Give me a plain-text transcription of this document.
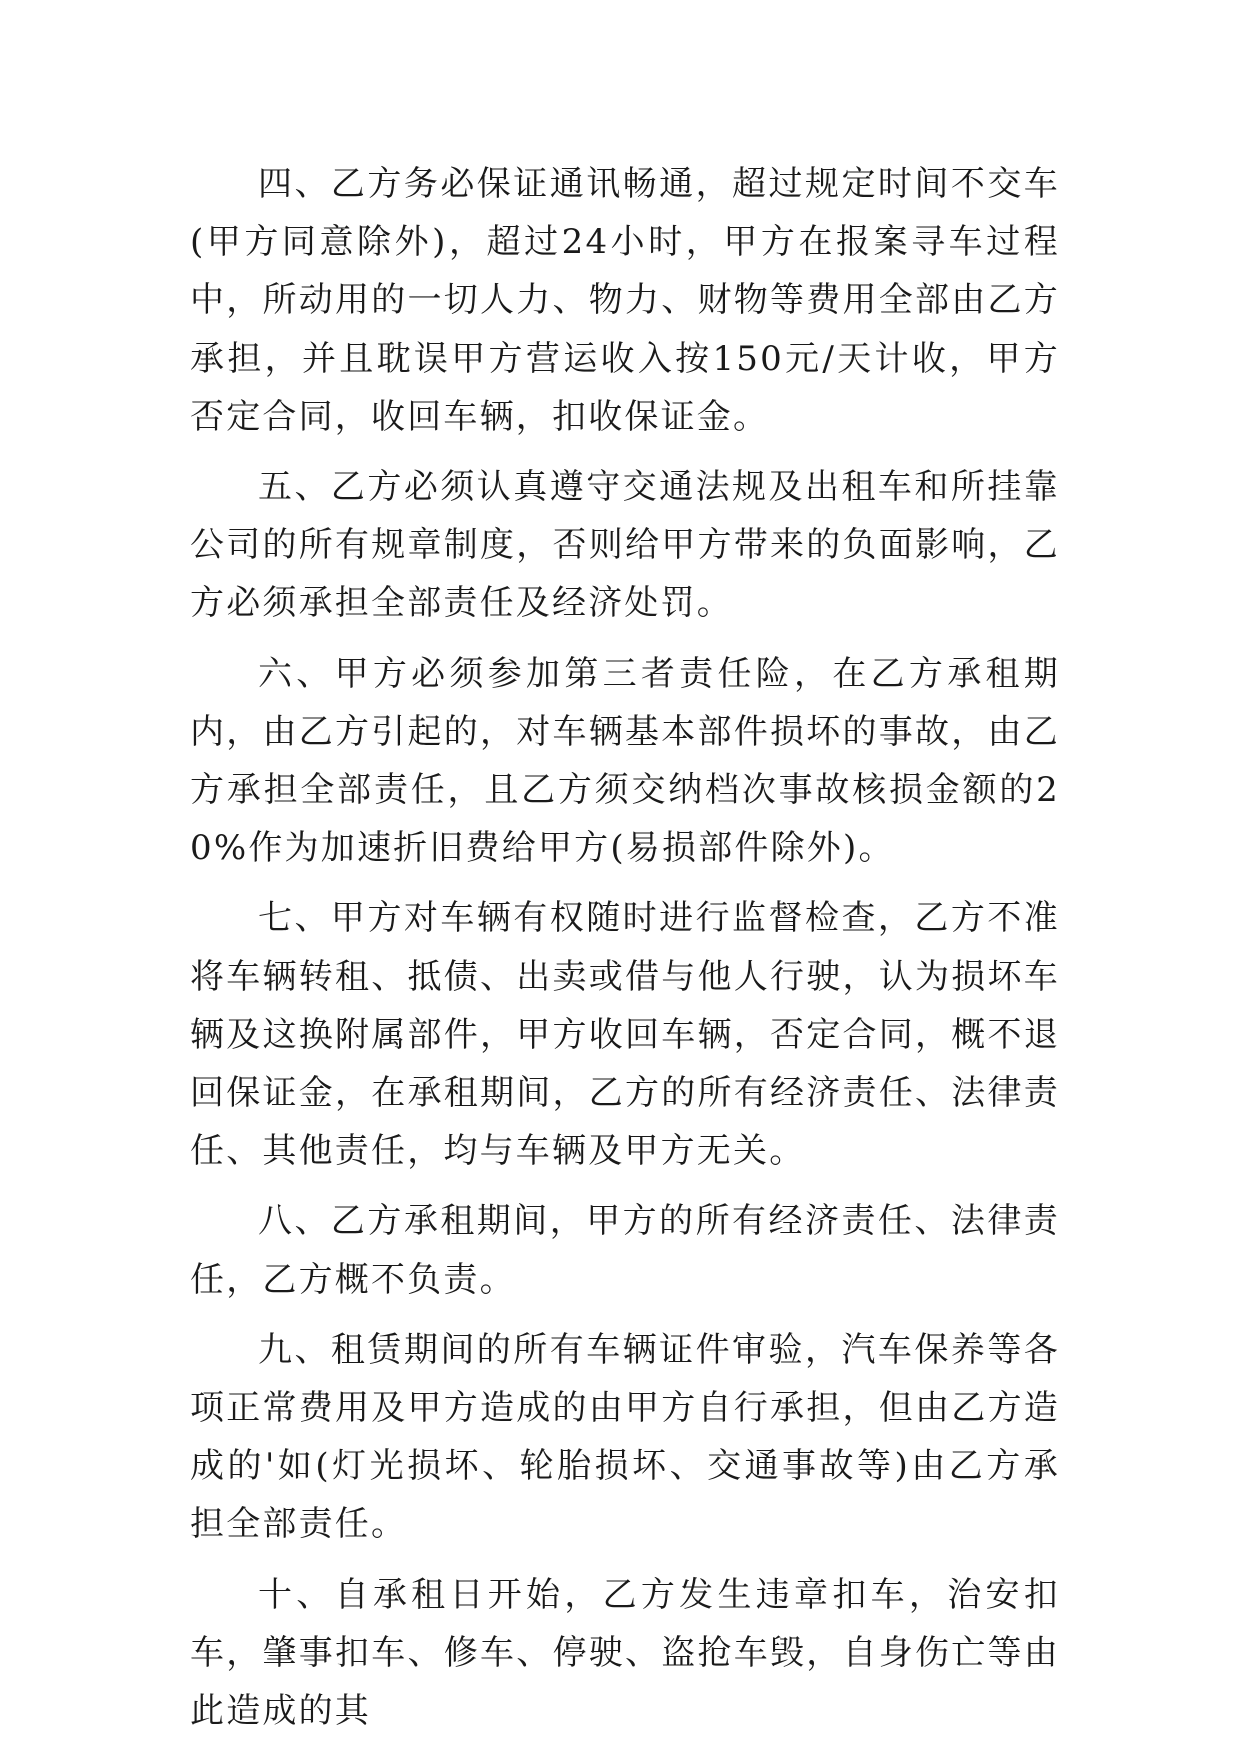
四、乙方务必保证通讯畅通，超过规定时间不交车(甲方同意除外)，超过24小时，甲方在报案寻车过程中，所动用的一切人力、物力、财物等费用全部由乙方承担，并且耽误甲方营运收入按150元/天计收，甲方否定合同，收回车辆，扣收保证金。

五、乙方必须认真遵守交通法规及出租车和所挂靠公司的所有规章制度，否则给甲方带来的负面影响，乙方必须承担全部责任及经济处罚。

六、甲方必须参加第三者责任险，在乙方承租期内，由乙方引起的，对车辆基本部件损坏的事故，由乙方承担全部责任，且乙方须交纳档次事故核损金额的20%作为加速折旧费给甲方(易损部件除外)。

七、甲方对车辆有权随时进行监督检查，乙方不准将车辆转租、抵债、出卖或借与他人行驶，认为损坏车辆及这换附属部件，甲方收回车辆，否定合同，概不退回保证金，在承租期间，乙方的所有经济责任、法律责任、其他责任，均与车辆及甲方无关。

八、乙方承租期间，甲方的所有经济责任、法律责任，乙方概不负责。

九、租赁期间的所有车辆证件审验，汽车保养等各项正常费用及甲方造成的由甲方自行承担，但由乙方造成的'如(灯光损坏、轮胎损坏、交通事故等)由乙方承担全部责任。

十、自承租日开始，乙方发生违章扣车，治安扣车，肇事扣车、修车、停驶、盗抢车毁，自身伤亡等由此造成的其
